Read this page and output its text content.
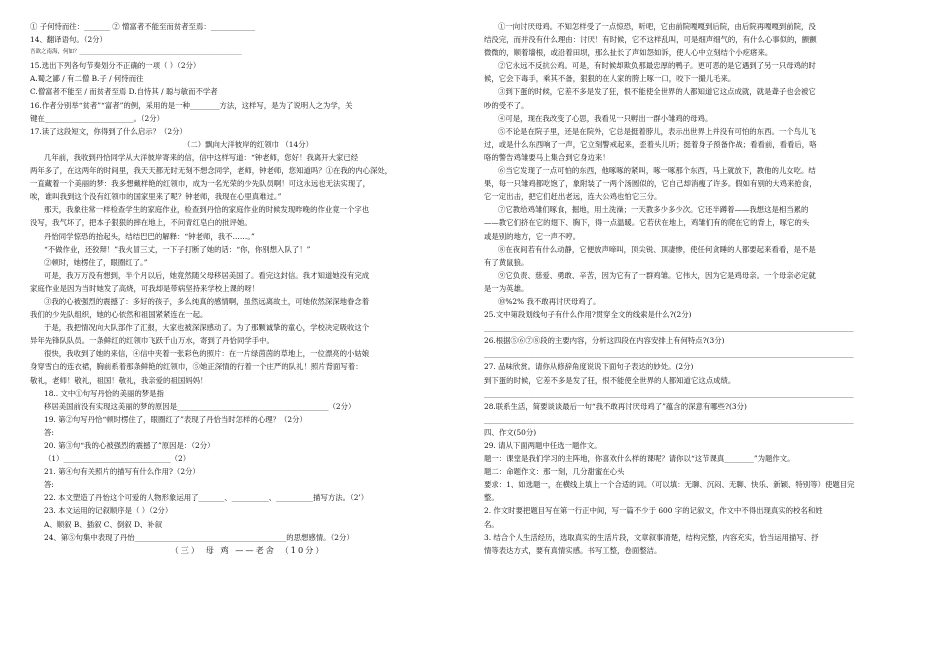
① 子何恃而往：_______ ② 憎富者不能至而贫者至焉：____________
14、翻译语句。（2分）
吾欲之南海，何如？___________________________________________________________
15.选出下列各句节奏划分不正确的一项（ ）（2分）
A.蜀之鄙 / 有二僧 B.子 / 何恃而往
C.僧富者不能至 / 而贫者至焉 D.自恃其 / 聪与敏而不学者
16.作者分别举“贫者”“富者”的例，采用的是一种________方法，这样写，是为了说明人之为学，关
键在________________________。（2分）
17.读了这段短文，你得到了什么启示？（2分）
（二）飘向大洋彼岸的红领巾 （14分）
几年前，我收到丹恰同学从大洋彼岸寄来的信，信中这样写道：“钟老师，您好！我离开大家已经
两年多了，在这两年的时间里，我天天都无时无刻不想念同学，老师，钟老师，您知道吗？①在我的内心深处，
一直藏着一个美丽的梦：我多想戴样艳的红领巾，成为一名光荣的少先队员啊！可这永远也无法实现了，
唉，谁叫我到这个没有红领巾的国家里来了呢？钟老师，我现在心里真难过。”
那天，我象往常一样检查学生的家庭作业，检查到丹恰的家庭作业的时候发现昨晚的作业竟一个字也
没写，我气坏了，把本子狠狠的摔在地上，不问青红皂白的批评她。
丹怡同学惊恐的抬起头，结结巴巴的解释：“钟老师，我不……。”
“不做作业，还狡辩！”我火冒三丈，一下子打断了她的话：“你，你别想入队了！”
②顿时，她楞住了，眼圈红了。”
可是，我万万没有想到，半个月以后，她竟然随父母移居美国了。看完这封信。我才知道她没有完成
家庭作业是因为当时她发了高烧，可我却是带病坚持来学校上课的呀！
③我的心被强烈的震撼了：多好的孩子，多么纯真的感情啊，虽然远离故土，可她依然深深地眷念着
我们的少先队组织，她的心依然和祖国紧紧连在一起。
于是，我把情况向大队部作了汇报，大家也被深深感动了。为了那颗诚挚的童心，学校决定吸收这个
异年先锋队队员。一条鲜红的红领巾飞跃千山万水，寄到了丹恰同学手中。
很快，我收到了她的来信，④信中夹着一张彩色的照片：在一片绿茵茵的草地上，一位漂亮的小姑娘
身穿雪白的连衣裙，胸前系着那条鲜艳的红领巾，⑤她正深情的行着一个庄严的队礼！照片背面写着：
敬礼，老师！敬礼，祖国！敬礼，我亲爱的祖国妈妈！
18.. 文中①句写丹恰的美丽的梦是指
移居美国前没有实现这美丽的梦的原因是_________________________________________（2分）
19. 第②句写丹恰“顿时楞住了，眼圈红了”表现了丹恰当时怎样的心理？（2分）
答:
20. 第③句“我的心被强烈的震撼了”原因是：（2分）
（1）_____________________________（2）
21. 第④句有关照片的描写有什么作用?（2分）
答:
22. 本文塑造了丹怡这个可爱的人物形象运用了_______、__________、__________描写方法。（2’）
23. 本文运用的记叙顺序是（ ）（2分）
A、顺叙 B、插叙 C、倒叙 D、补叙
24、第⑤句集中表现了丹怡_________________________________________的思想感情。（2分）
（三） 母 鸡 ——老舍 （10分）
①一向讨厌母鸡。不知怎样受了一点惊恐，听吧，它由前院嘎嘎到后院，由后院再嘎嘎到前院，没
结没完，而并没有什么理由：讨厌！有时候，它不这样乱叫，可是细声细气的，有什么心事似的，颤颤
微微的，顺着墙根，或沿着田坝，那么扯长了声如怨如诉，使人心中立刻结个小疙瘩来。
②它永远不反抗公鸡。可是，有时候却欺负那最忠厚的鸭子。更可恶的是它遇到了另一只母鸡的时
候，它会下毒手，乘其不备，狠狠的在人家的胯上啄一口，咬下一撮儿毛来。
③到下蛋的时候，它差不多是发了狂，恨不能使全世界的人都知道它这点成就，就是聋子也会被它
吵的受不了。
④可是，现在我改变了心思，我看见一只孵出一群小雏鸡的母鸡。
⑤不论是在院子里，还是在院外，它总是挺着脖儿，表示出世界上并没有可怕的东西。一个鸟儿飞
过，或是什么东西响了一声，它立刻警戒起来，歪着头儿听；挺着身子预备作战；看看前，看看后，咯
咯的警告鸡雏要马上集合到它身边来！
⑥当它发现了一点可怕的东西，他啄啄的紧叫，啄一啄那个东西，马上就放下，教他的儿女吃。结
果，每一只雏鸡都吃饱了，象附装了一两个汤圆似的，它自己却消瘦了许多。假如有别的大鸡来抢食，
它一定出击，把它们赶出老远，连大公鸡也怕它三分。
⑦它教给鸡雏们啄食，掘地，用土洗澡；一天教多少多少次。它还半蹲着——我想这是相当累的
——教它们挤在它的翅下、胸下，得一点温暖。它若伏在地上，鸡雏们有的爬在它的背上，啄它的头
或是别的地方，它一声不哼。
⑧在夜间若有什么动静，它便放声啼叫，顶尖锐、顶凄惨，使任何贪睡的人都要起来看看，是不是
有了黄鼠狼。
⑨它负责、慈爱、勇敢、辛苦，因为它有了一群鸡雏。它伟大，因为它是鸡母亲。一个母亲必定就
是一为英雄。
⑩%2% 我不敢再讨厌母鸡了。
25.文中第段划线句子有什么作用?贯穿全文的线索是什么?(2分)
____________________________________________________________________________________________________
26.根据⑤⑥⑦⑧段的主要内容，分析这四段在内容安排上有何特点?(3分)
____________________________________________________________________________________________________
27. 品味欣赏。请你从修辞角度说说下面句子表达的妙处。(2分)
到下蛋的时候，它差不多是发了狂，恨不能使全世界的人都知道它这点成绩。
____________________________________________________________________________________________________
28.联系生活，简要谈谈最后一句“我不敢再讨厌母鸡了”蕴含的深意有哪些?(3分)
____________________________________________________________________________________________________
四、作文(50分)
29. 请从下面两题中任选一题作文。
题一：课堂是我们学习的主阵地，你喜欢什么样的课呢？请你以“这节课真________”为题作文。
题二：命题作文：那一刻，几分甜蜜在心头
要求：1、如选题一，在横线上填上一个合适的词。（可以填：无聊、沉闷、无聊、快乐、新颖、特别等）使题目完
整。
2. 作文时要把题目写在第一行正中间，写一篇不少于 600 字的记叙文，作文中不得出现真实的校名和姓
名。
3. 结合个人生活经历，选取真实的生活片段，文章叙事清楚，结构完整，内容充实，恰当运用描写、抒
情等表达方式，要有真情实感。书写工整，卷面整洁。
